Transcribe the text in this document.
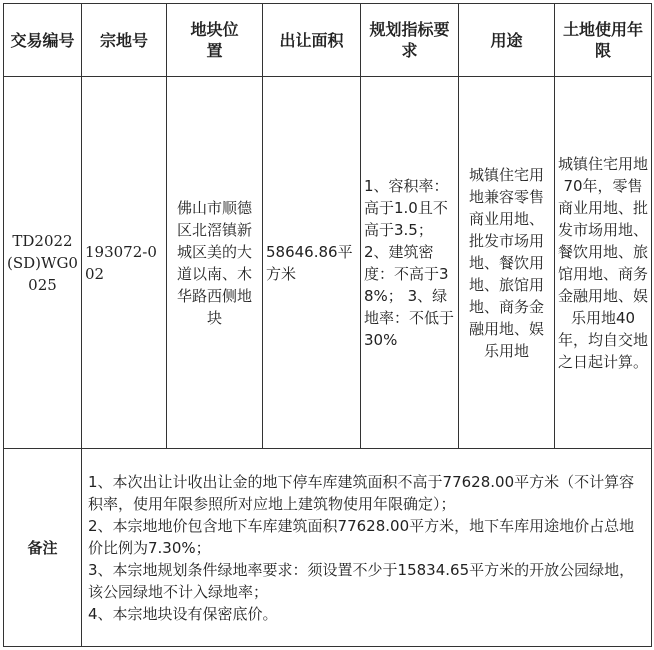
交易编号	宗地号	地块位置	出让面积	规划指标要求	用途	土地使用年限
TD2022(SD)WG0025	193072-002	佛山市顺德区北滘镇新城区美的大道以南、木华路西侧地块	58646.86平方米	1、容积率：高于1.0且不高于3.5； 2、建筑密度：不高于38%； 3、绿地率：不低于30%	城镇住宅用地兼容零售商业用地、批发市场用地、餐饮用地、旅馆用地、商务金融用地、娱乐用地	城镇住宅用地70年，零售商业用地、批发市场用地、餐饮用地、旅馆用地、商务金融用地、娱乐用地40年，均自交地之日起计算。
备注	1、本次出让计收出让金的地下停车库建筑面积不高于77628.00平方米（不计算容积率，使用年限参照所对应地上建筑物使用年限确定）；

2、本宗地地价包含地下车库建筑面积77628.00平方米，地下车库用途地价占总地价比例为7.30%；

3、本宗地规划条件绿地率要求：须设置不少于15834.65平方米的开放公园绿地，该公园绿地不计入绿地率；

4、本宗地块设有保密底价。					
